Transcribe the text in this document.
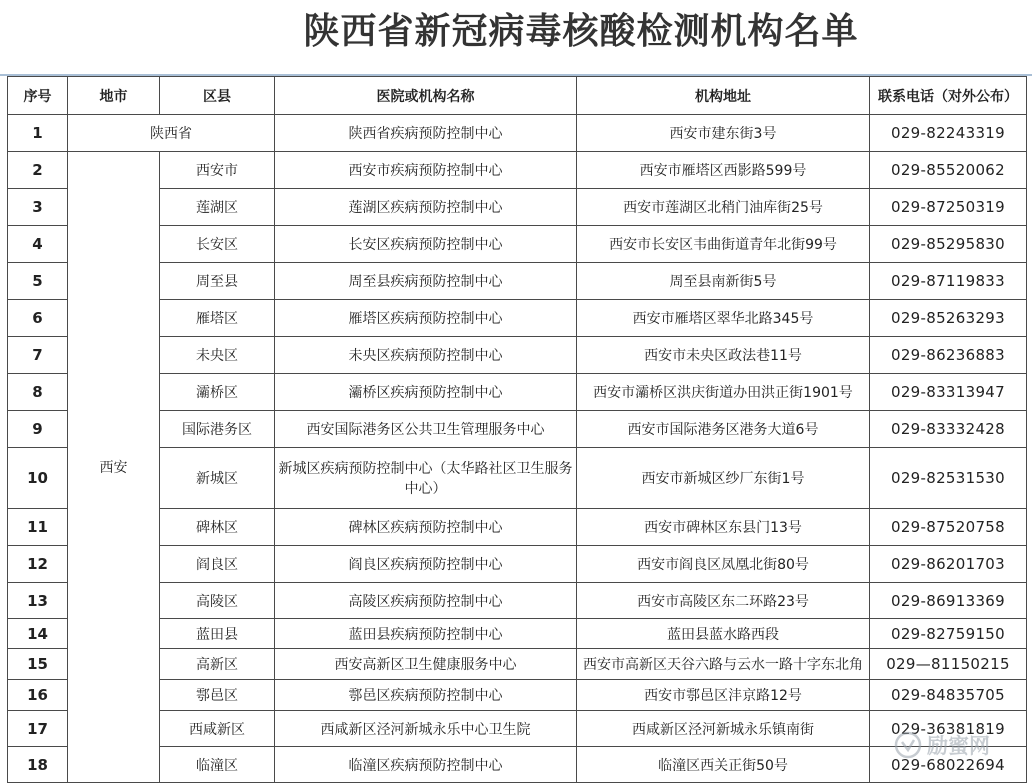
陕西省新冠病毒核酸检测机构名单
序号	地市	区县	医院或机构名称	机构地址	联系电话（对外公布）
1	陕西省		陕西省疾病预防控制中心	西安市建东街3号	029-82243319
2	西安	西安市	西安市疾病预防控制中心	西安市雁塔区西影路599号	029-85520062
3		莲湖区	莲湖区疾病预防控制中心	西安市莲湖区北稍门油库街25号	029-87250319
4		长安区	长安区疾病预防控制中心	西安市长安区韦曲街道青年北街99号	029-85295830
5		周至县	周至县疾病预防控制中心	周至县南新街5号	029-87119833
6		雁塔区	雁塔区疾病预防控制中心	西安市雁塔区翠华北路345号	029-85263293
7		未央区	未央区疾病预防控制中心	西安市未央区政法巷11号	029-86236883
8		灞桥区	灞桥区疾病预防控制中心	西安市灞桥区洪庆街道办田洪正街1901号	029-83313947
9		国际港务区	西安国际港务区公共卫生管理服务中心	西安市国际港务区港务大道6号	029-83332428
10		新城区	新城区疾病预防控制中心（太华路社区卫生服务中心）	西安市新城区纱厂东街1号	029-82531530
11		碑林区	碑林区疾病预防控制中心	西安市碑林区东县门13号	029-87520758
12		阎良区	阎良区疾病预防控制中心	西安市阎良区凤凰北街80号	029-86201703
13		高陵区	高陵区疾病预防控制中心	西安市高陵区东二环路23号	029-86913369
14		蓝田县	蓝田县疾病预防控制中心	蓝田县蓝水路西段	029-82759150
15		高新区	西安高新区卫生健康服务中心	西安市高新区天谷六路与云水一路十字东北角	029—81150215
16		鄠邑区	鄠邑区疾病预防控制中心	西安市鄠邑区沣京路12号	029-84835705
17		西咸新区	西咸新区泾河新城永乐中心卫生院	西咸新区泾河新城永乐镇南街	029-36381819
18		临潼区	临潼区疾病预防控制中心	临潼区西关正街50号	029-68022694
励蜜网
